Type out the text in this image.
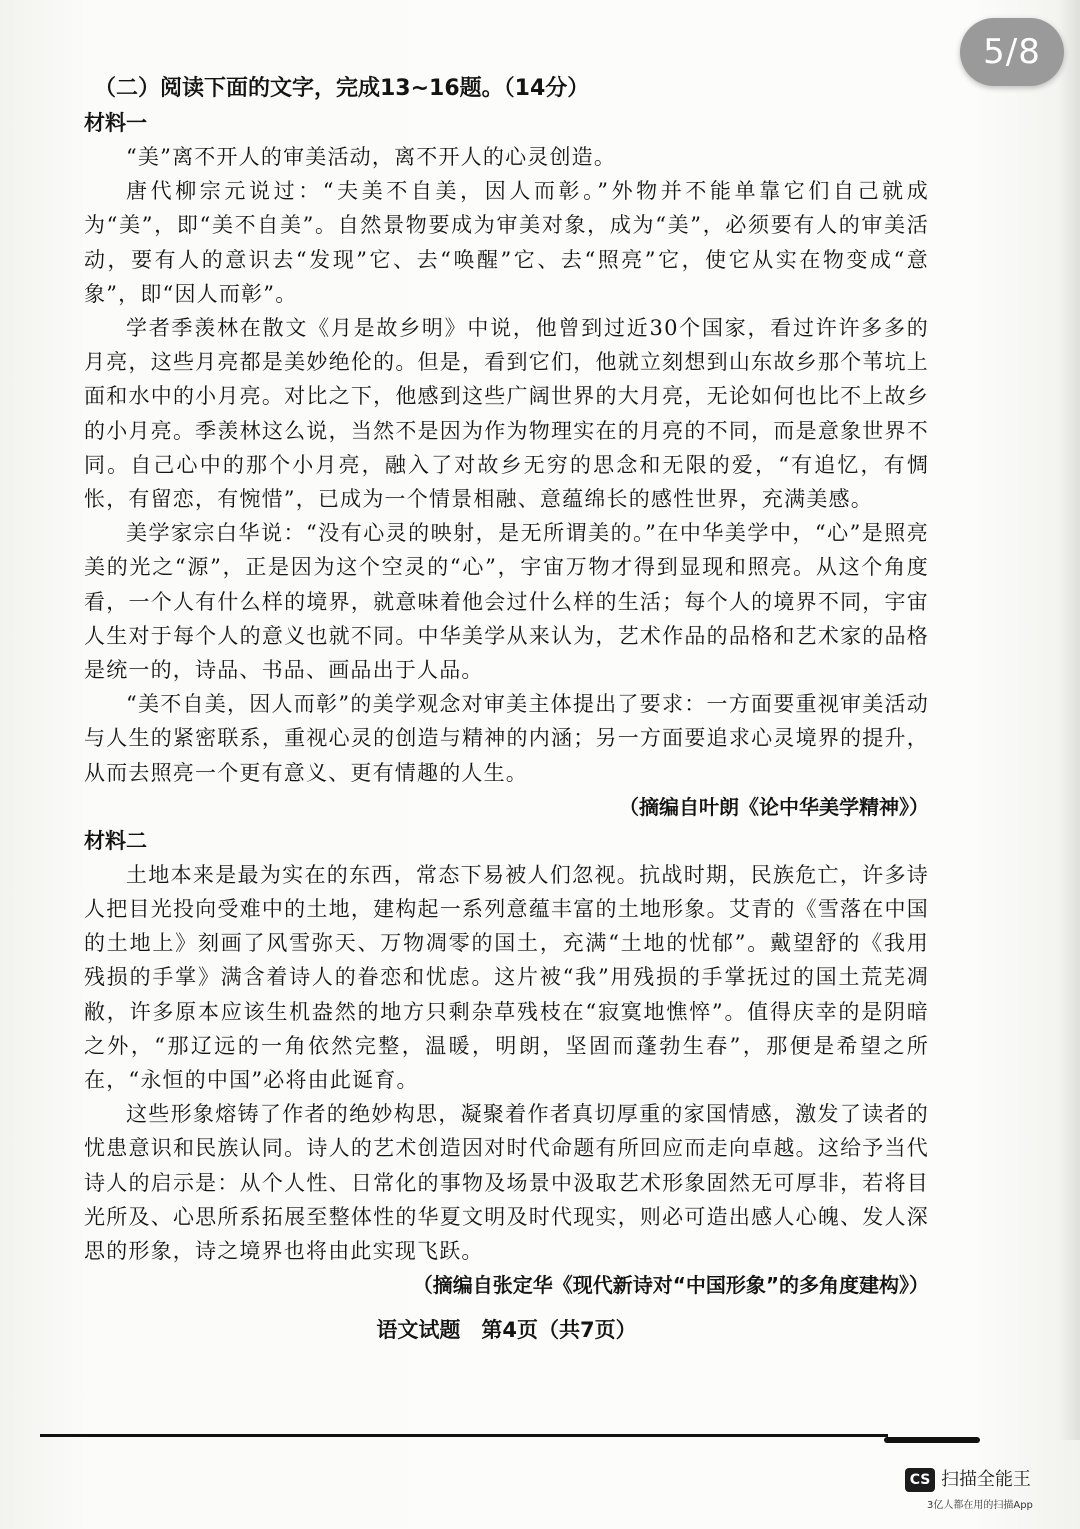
5/8
（二）阅读下面的文字，完成13~16题。（14分）
材料一

“美”离不开人的审美活动，离不开人的心灵创造。

唐代柳宗元说过：“夫美不自美，因人而彰。”外物并不能单靠它们自己就成为“美”，即“美不自美”。自然景物要成为审美对象，成为“美”，必须要有人的审美活动，要有人的意识去“发现”它、去“唤醒”它、去“照亮”它，使它从实在物变成“意象”，即“因人而彰”。

学者季羡林在散文《月是故乡明》中说，他曾到过近30个国家，看过许许多多的月亮，这些月亮都是美妙绝伦的。但是，看到它们，他就立刻想到山东故乡那个苇坑上面和水中的小月亮。对比之下，他感到这些广阔世界的大月亮，无论如何也比不上故乡的小月亮。季羡林这么说，当然不是因为作为物理实在的月亮的不同，而是意象世界不同。自己心中的那个小月亮，融入了对故乡无穷的思念和无限的爱，“有追忆，有惆怅，有留恋，有惋惜”，已成为一个情景相融、意蕴绵长的感性世界，充满美感。

美学家宗白华说：“没有心灵的映射，是无所谓美的。”在中华美学中，“心”是照亮美的光之“源”，正是因为这个空灵的“心”，宇宙万物才得到显现和照亮。从这个角度看，一个人有什么样的境界，就意味着他会过什么样的生活；每个人的境界不同，宇宙人生对于每个人的意义也就不同。中华美学从来认为，艺术作品的品格和艺术家的品格是统一的，诗品、书品、画品出于人品。

“美不自美，因人而彰”的美学观念对审美主体提出了要求：一方面要重视审美活动与人生的紧密联系，重视心灵的创造与精神的内涵；另一方面要追求心灵境界的提升，从而去照亮一个更有意义、更有情趣的人生。

（摘编自叶朗《论中华美学精神》）
材料二

土地本来是最为实在的东西，常态下易被人们忽视。抗战时期，民族危亡，许多诗人把目光投向受难中的土地，建构起一系列意蕴丰富的土地形象。艾青的《雪落在中国的土地上》刻画了风雪弥天、万物凋零的国土，充满“土地的忧郁”。戴望舒的《我用残损的手掌》满含着诗人的眷恋和忧虑。这片被“我”用残损的手掌抚过的国土荒芜凋敝，许多原本应该生机盎然的地方只剩杂草残枝在“寂寞地憔悴”。值得庆幸的是阴暗之外，“那辽远的一角依然完整，温暖，明朗，坚固而蓬勃生春”，那便是希望之所在，“永恒的中国”必将由此诞育。

这些形象熔铸了作者的绝妙构思，凝聚着作者真切厚重的家国情感，激发了读者的忧患意识和民族认同。诗人的艺术创造因对时代命题有所回应而走向卓越。这给予当代诗人的启示是：从个人性、日常化的事物及场景中汲取艺术形象固然无可厚非，若将目光所及、心思所系拓展至整体性的华夏文明及时代现实，则必可造出感人心魄、发人深思的形象，诗之境界也将由此实现飞跃。

（摘编自张定华《现代新诗对“中国形象”的多角度建构》）
语文试题　第4页（共7页）
CS 扫描全能王
3亿人都在用的扫描App
